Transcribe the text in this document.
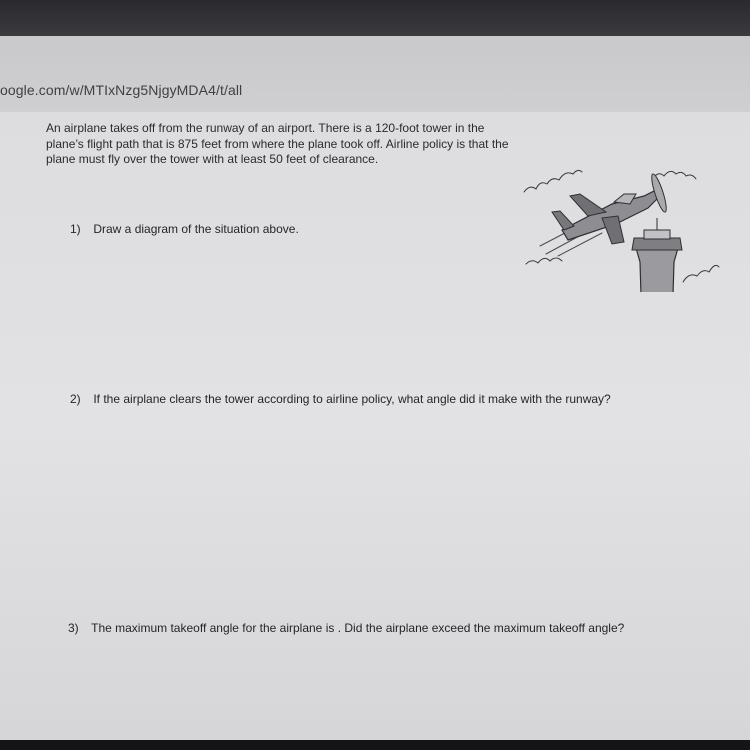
oogle.com/w/MTIxNzg5NjgyMDA4/t/all
An airplane takes off from the runway of an airport. There is a 120-foot tower in the plane’s flight path that is 875 feet from where the plane took off. Airline policy is that the plane must fly over the tower with at least 50 feet of clearance.
1) Draw a diagram of the situation above.
2) If the airplane clears the tower according to airline policy, what angle did it make with the runway?
3) The maximum takeoff angle for the airplane is . Did the airplane exceed the maximum takeoff angle?
